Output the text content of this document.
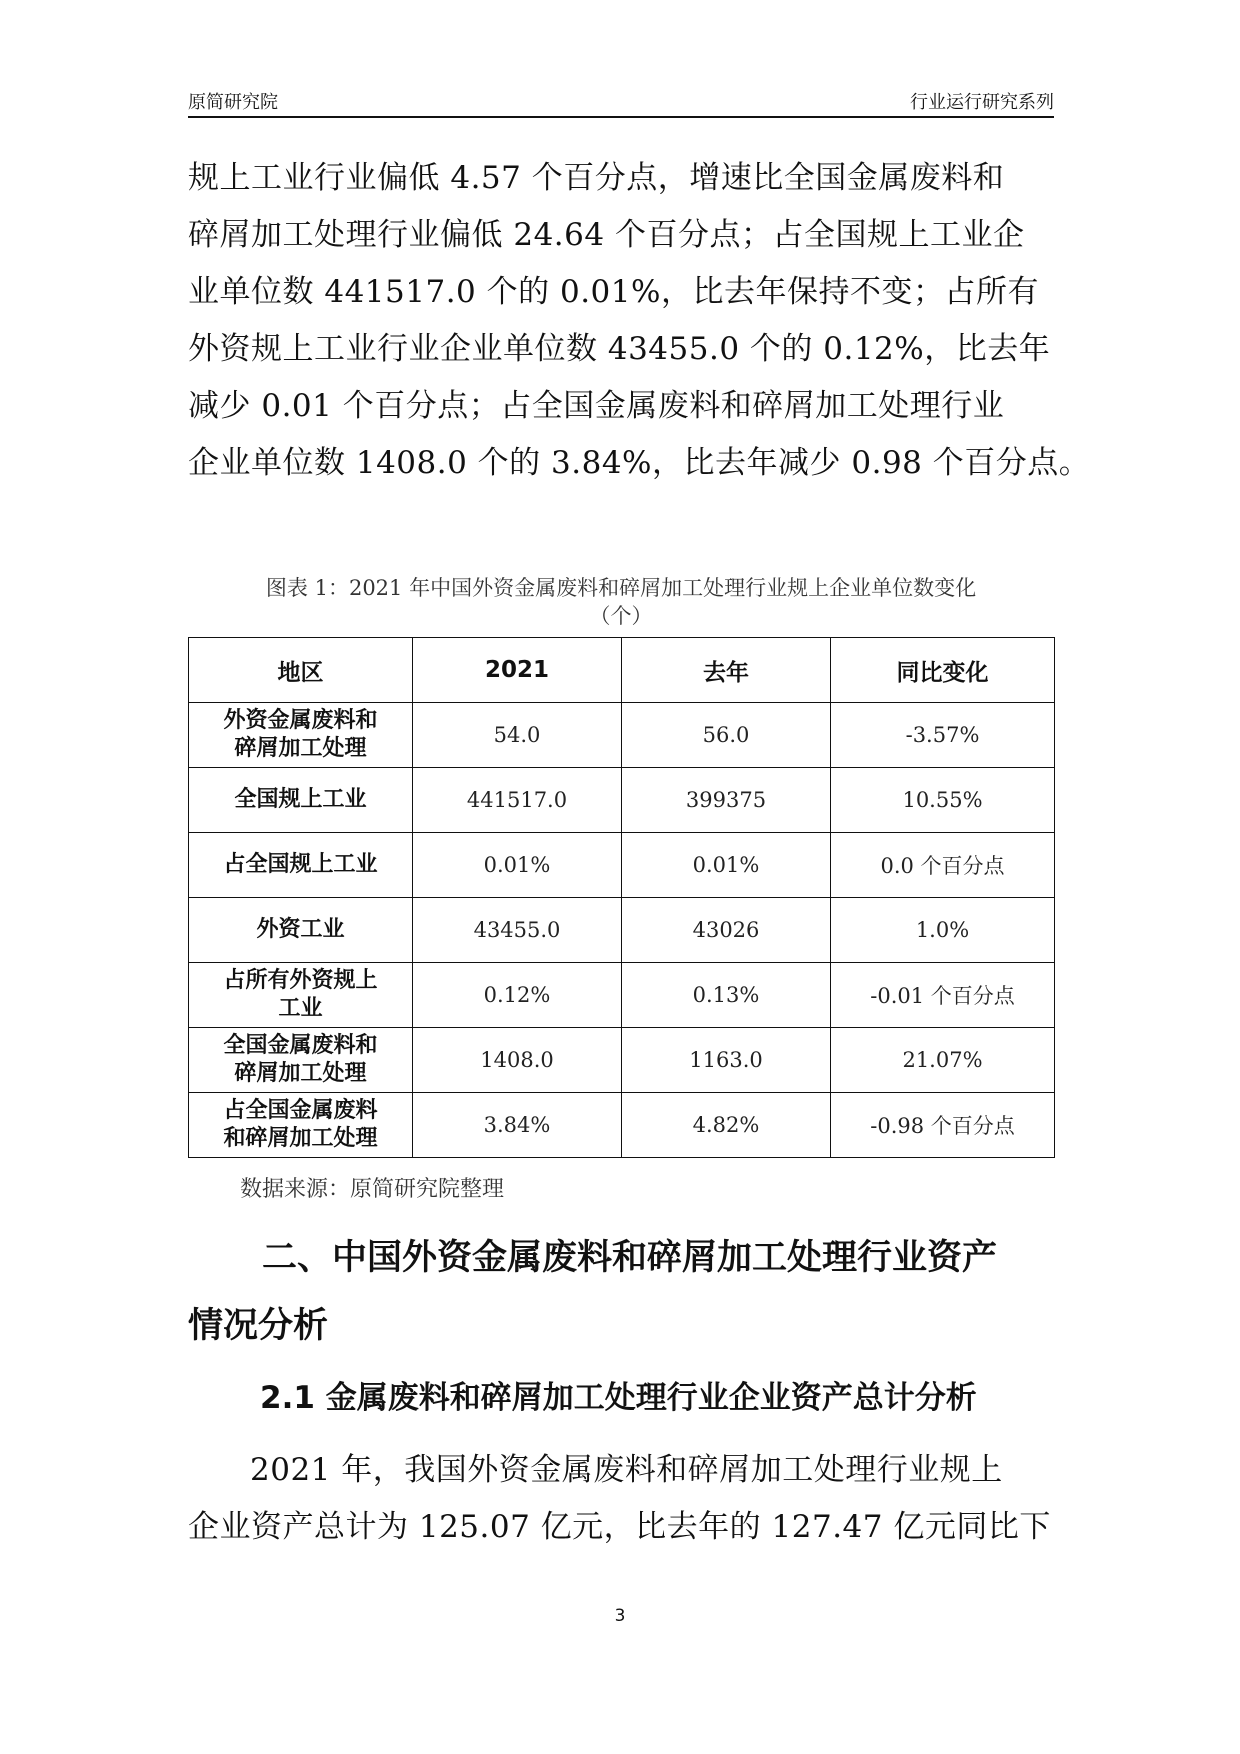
原简研究院	行业运行研究系列
规上工业行业偏低 4.57 个百分点，增速比全国金属废料和
碎屑加工处理行业偏低 24.64 个百分点；占全国规上工业企
业单位数 441517.0 个的 0.01%，比去年保持不变；占所有
外资规上工业行业企业单位数 43455.0 个的 0.12%，比去年
减少 0.01 个百分点；占全国金属废料和碎屑加工处理行业
企业单位数 1408.0 个的 3.84%，比去年减少 0.98 个百分点。
图表 1：2021 年中国外资金属废料和碎屑加工处理行业规上企业单位数变化
（个）
地区	2021	去年	同比变化

外资金属废料和
碎屑加工处理	54.0	56.0	-3.57%

全国规上工业	441517.0	399375	10.55%

占全国规上工业	0.01%	0.01%	0.0 个百分点

外资工业	43455.0	43026	1.0%

占所有外资规上
工业	0.12%	0.13%	-0.01 个百分点

全国金属废料和
碎屑加工处理	1408.0	1163.0	21.07%

占全国金属废料
和碎屑加工处理	3.84%	4.82%	-0.98 个百分点
数据来源：原简研究院整理
二、中国外资金属废料和碎屑加工处理行业资产
情况分析
2.1 金属废料和碎屑加工处理行业企业资产总计分析
2021 年，我国外资金属废料和碎屑加工处理行业规上
企业资产总计为 125.07 亿元，比去年的 127.47 亿元同比下
3
